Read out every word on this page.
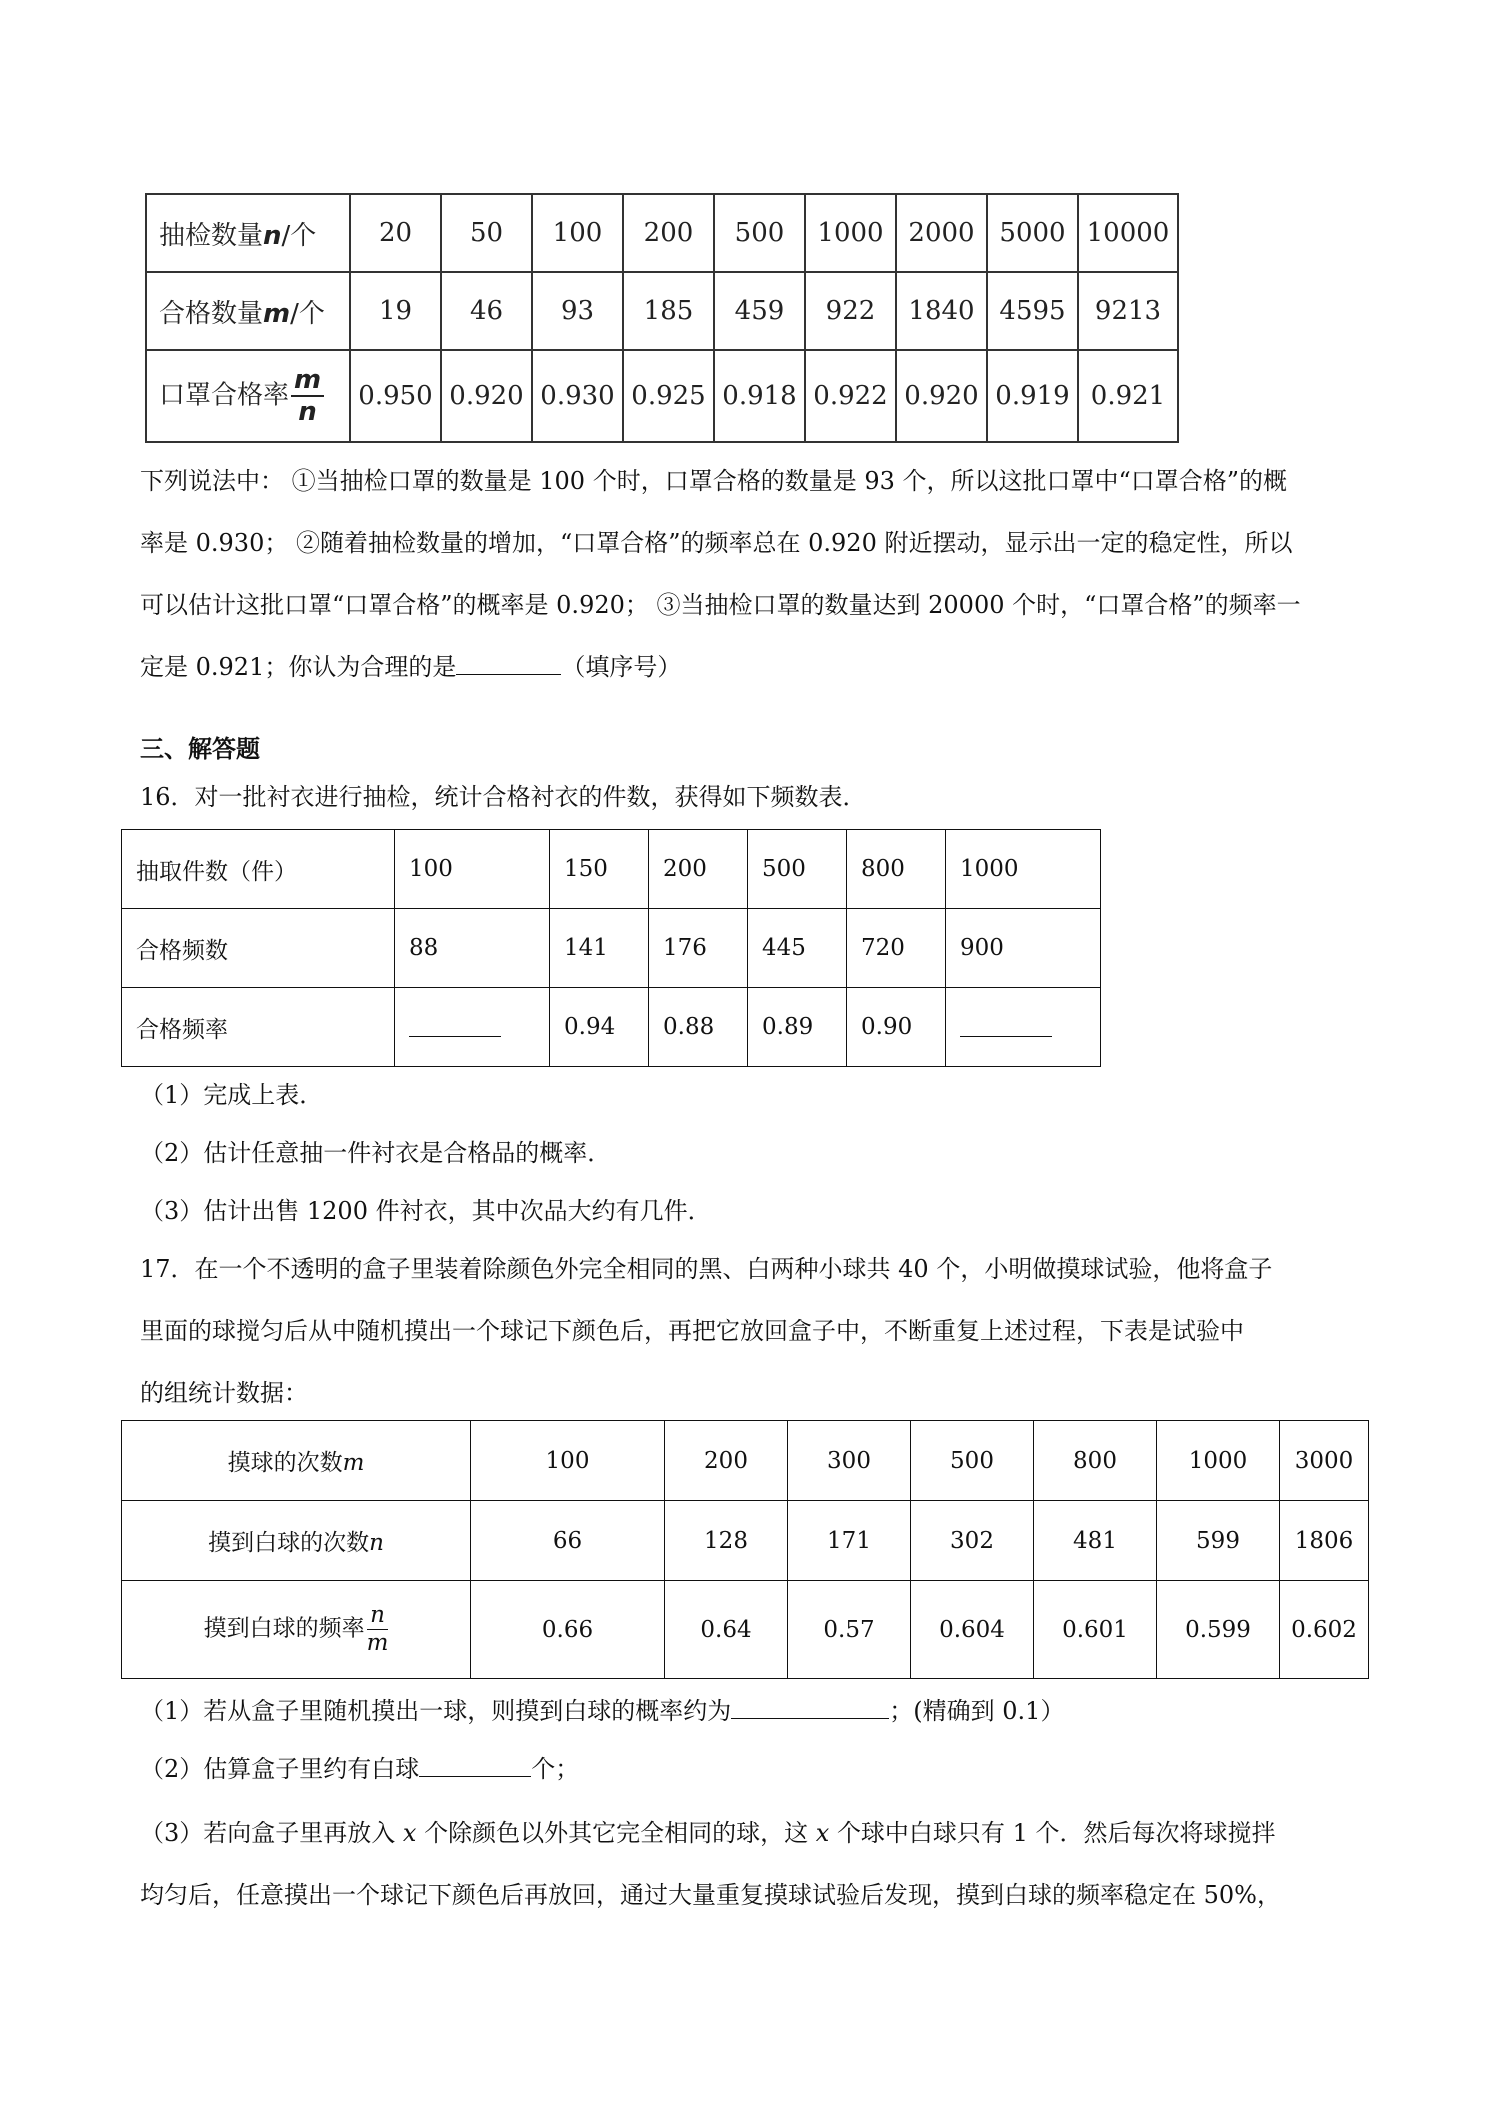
抽检数量n/个	20	50	100	200	500	1000	2000	5000	10000
合格数量m/个	19	46	93	185	459	922	1840	4595	9213
口罩合格率 $\frac{m}{n}$	0.950	0.920	0.930	0.925	0.918	0.922	0.920	0.919	0.921
下列说法中： ①当抽检口罩的数量是 100 个时，口罩合格的数量是 93 个，所以这批口罩中“口罩合格”的概
率是 0.930； ②随着抽检数量的增加，“口罩合格”的频率总在 0.920 附近摆动，显示出一定的稳定性，所以
可以估计这批口罩“口罩合格”的概率是 0.920； ③当抽检口罩的数量达到 20000 个时，“口罩合格”的频率一
定是 0.921；你认为合理的是	（填序号）
三、解答题
16．对一批衬衣进行抽检，统计合格衬衣的件数，获得如下频数表．
抽取件数（件）	100	150	200	500	800	1000
合格频数	88	141	176	445	720	900
合格频率		0.94	0.88	0.89	0.90	
（1）完成上表．
（2）估计任意抽一件衬衣是合格品的概率．
（3）估计出售 1200 件衬衣，其中次品大约有几件．
17．在一个不透明的盒子里装着除颜色外完全相同的黑、白两种小球共 40 个，小明做摸球试验，他将盒子
里面的球搅匀后从中随机摸出一个球记下颜色后，再把它放回盒子中，不断重复上述过程，下表是试验中
的组统计数据：
摸球的次数m	100	200	300	500	800	1000	3000
摸到白球的次数n	66	128	171	302	481	599	1806
摸到白球的频率 $\frac{n}{m}$	0.66	0.64	0.57	0.604	0.601	0.599	0.602
（1）若从盒子里随机摸出一球，则摸到白球的概率约为	；(精确到 0.1）
（2）估算盒子里约有白球	个；
（3）若向盒子里再放入 x 个除颜色以外其它完全相同的球，这 x 个球中白球只有 1 个．然后每次将球搅拌
均匀后，任意摸出一个球记下颜色后再放回，通过大量重复摸球试验后发现，摸到白球的频率稳定在 50%，
